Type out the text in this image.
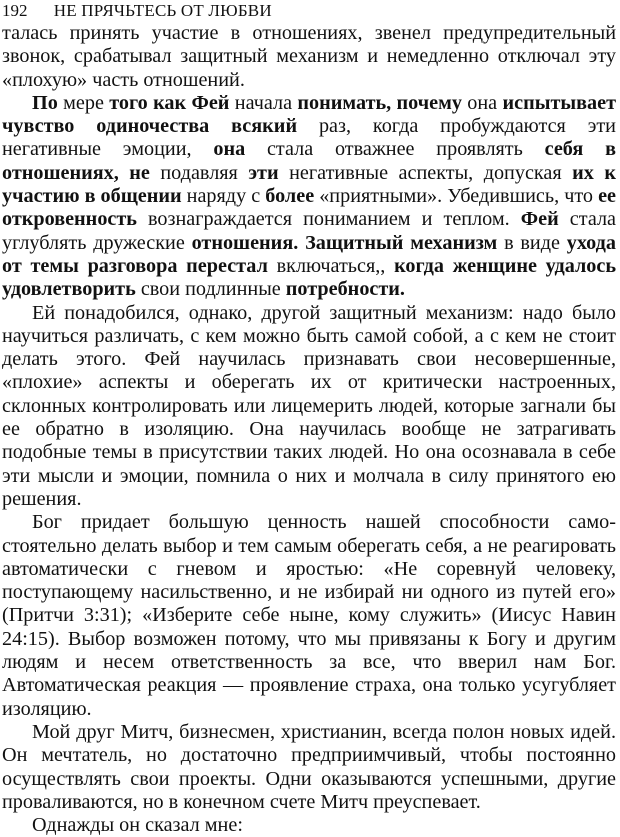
192 НЕ ПРЯЧЬТЕСЬ ОТ ЛЮБВИ

талась принять участие в отношениях, звенел предупредительный звонок, срабатывал защитный механизм и немедленно отключал эту «плохую» часть отношений.

По мере того как Фей начала понимать, почему она испытывает чувство одиночества всякий раз, когда пробуждаются эти негативные эмоции, она стала отважнее проявлять себя в отношениях, не подавляя эти негативные аспекты, допуская их к участию в общении наряду с более «приятными». Убедившись, что ее откровенность вознаграждается пониманием и теплом. Фей стала углублять дружеские отношения. Защитный механизм в виде ухода от темы разговора перестал включаться,, когда женщине удалось удовлетворить свои подлинные потребности.

Ей понадобился, однако, другой защитный механизм: надо было научиться различать, с кем можно быть самой собой, а с кем не стоит делать этого. Фей научилась признавать свои несовершенные, «плохие» аспекты и оберегать их от критически настроенных, склонных контролировать или лицемерить людей, которые загнали бы ее обратно в изоляцию. Она научилась вообще не затрагивать подобные темы в присутствии таких людей. Но она осознавала в себе эти мысли и эмоции, помнила о них и молчала в силу принятого ею решения.

Бог придает большую ценность нашей способности самостоятельно делать выбор и тем самым оберегать себя, а не реагировать автоматически с гневом и яростью: «Не соревнуй человеку, поступающему насильственно, и не избирай ни одного из путей его» (Притчи 3:31); «Изберите себе ныне, кому служить» (Иисус Навин 24:15). Выбор возможен потому, что мы привязаны к Богу и другим людям и несем ответственность за все, что вверил нам Бог. Автоматическая реакция — проявление страха, она только усугубляет изоляцию.

Мой друг Митч, бизнесмен, христианин, всегда полон новых идей. Он мечтатель, но достаточно предприимчивый, чтобы постоянно осуществлять свои проекты. Одни оказываются успешными, другие проваливаются, но в конечном счете Митч преуспевает.

Однажды он сказал мне:
